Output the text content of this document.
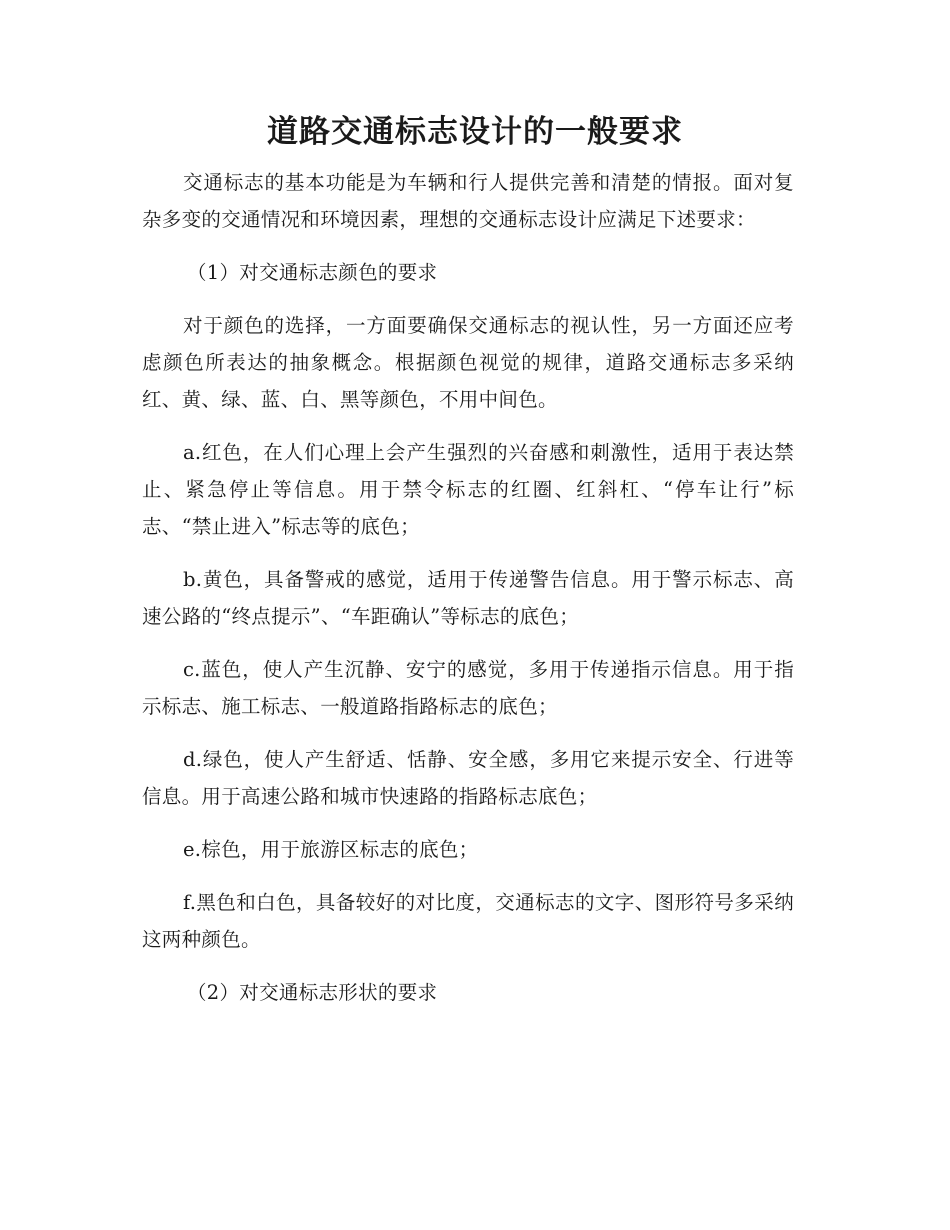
道路交通标志设计的一般要求

交通标志的基本功能是为车辆和行人提供完善和清楚的情报。面对复杂多变的交通情况和环境因素，理想的交通标志设计应满足下述要求：

（1）对交通标志颜色的要求

对于颜色的选择，一方面要确保交通标志的视认性，另一方面还应考虑颜色所表达的抽象概念。根据颜色视觉的规律，道路交通标志多采纳红、黄、绿、蓝、白、黑等颜色，不用中间色。

a.红色，在人们心理上会产生强烈的兴奋感和刺激性，适用于表达禁止、紧急停止等信息。用于禁令标志的红圈、红斜杠、“停车让行”标志、“禁止进入”标志等的底色；

b.黄色，具备警戒的感觉，适用于传递警告信息。用于警示标志、高速公路的“终点提示”、“车距确认”等标志的底色；

c.蓝色，使人产生沉静、安宁的感觉，多用于传递指示信息。用于指示标志、施工标志、一般道路指路标志的底色；

d.绿色，使人产生舒适、恬静、安全感，多用它来提示安全、行进等信息。用于高速公路和城市快速路的指路标志底色；

e.棕色，用于旅游区标志的底色；

f.黑色和白色，具备较好的对比度，交通标志的文字、图形符号多采纳这两种颜色。

（2）对交通标志形状的要求
